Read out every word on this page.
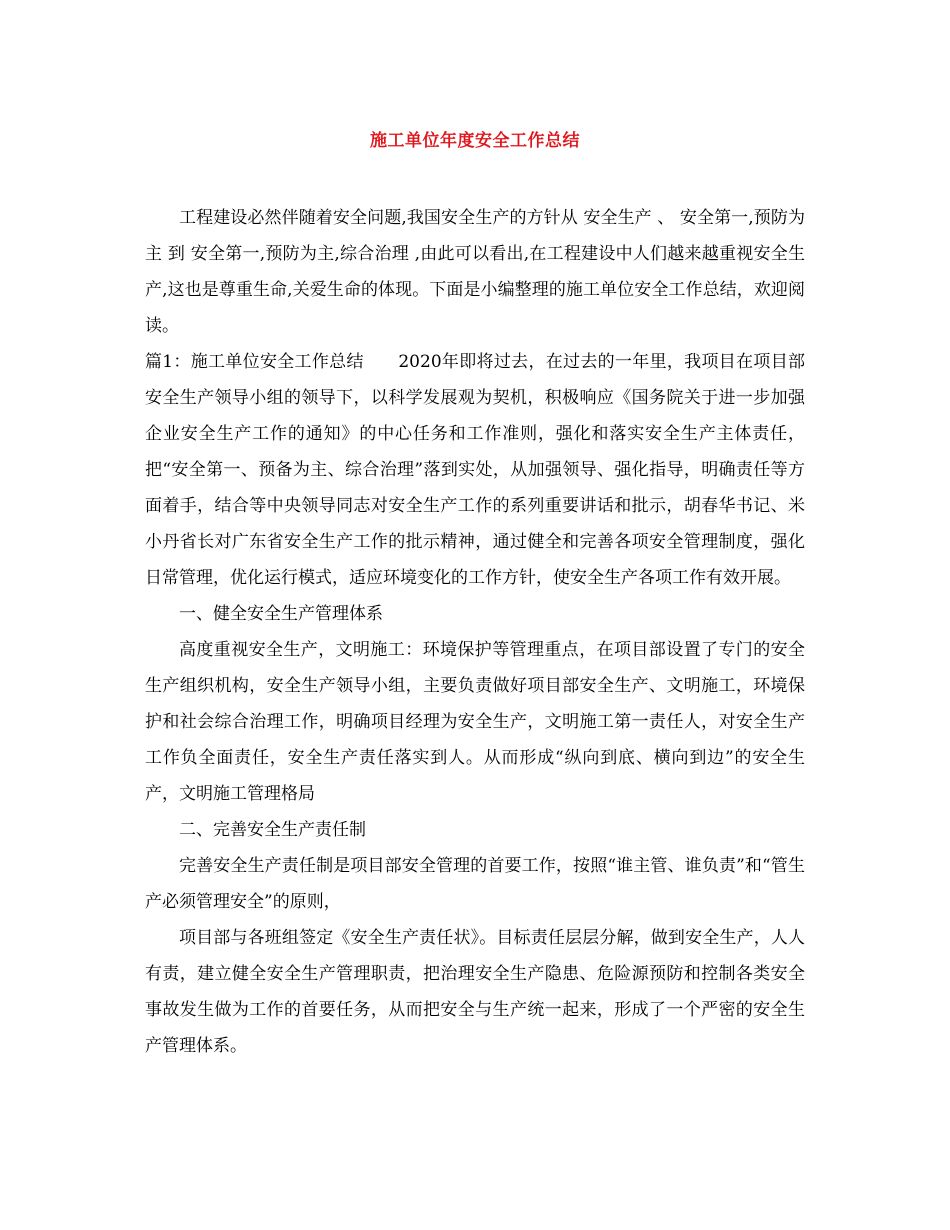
施工单位年度安全工作总结

工程建设必然伴随着安全问题,我国安全生产的方针从 安全生产 、 安全第一,预防为主 到 安全第一,预防为主,综合治理 ,由此可以看出,在工程建设中人们越来越重视安全生产,这也是尊重生命,关爱生命的体现。下面是小编整理的施工单位安全工作总结，欢迎阅读。

篇1：施工单位安全工作总结　　2020年即将过去，在过去的一年里，我项目在项目部安全生产领导小组的领导下，以科学发展观为契机，积极响应《国务院关于进一步加强企业安全生产工作的通知》的中心任务和工作准则，强化和落实安全生产主体责任，把“安全第一、预备为主、综合治理”落到实处，从加强领导、强化指导，明确责任等方面着手，结合等中央领导同志对安全生产工作的系列重要讲话和批示，胡春华书记、米小丹省长对广东省安全生产工作的批示精神，通过健全和完善各项安全管理制度，强化日常管理，优化运行模式，适应环境变化的工作方针，使安全生产各项工作有效开展。

一、健全安全生产管理体系

高度重视安全生产，文明施工：环境保护等管理重点，在项目部设置了专门的安全生产组织机构，安全生产领导小组，主要负责做好项目部安全生产、文明施工，环境保护和社会综合治理工作，明确项目经理为安全生产，文明施工第一责任人，对安全生产工作负全面责任，安全生产责任落实到人。从而形成“纵向到底、横向到边”的安全生产，文明施工管理格局

二、完善安全生产责任制

完善安全生产责任制是项目部安全管理的首要工作，按照“谁主管、谁负责”和“管生产必须管理安全”的原则，

项目部与各班组签定《安全生产责任状》。目标责任层层分解，做到安全生产，人人有责，建立健全安全生产管理职责，把治理安全生产隐患、危险源预防和控制各类安全事故发生做为工作的首要任务，从而把安全与生产统一起来，形成了一个严密的安全生产管理体系。
